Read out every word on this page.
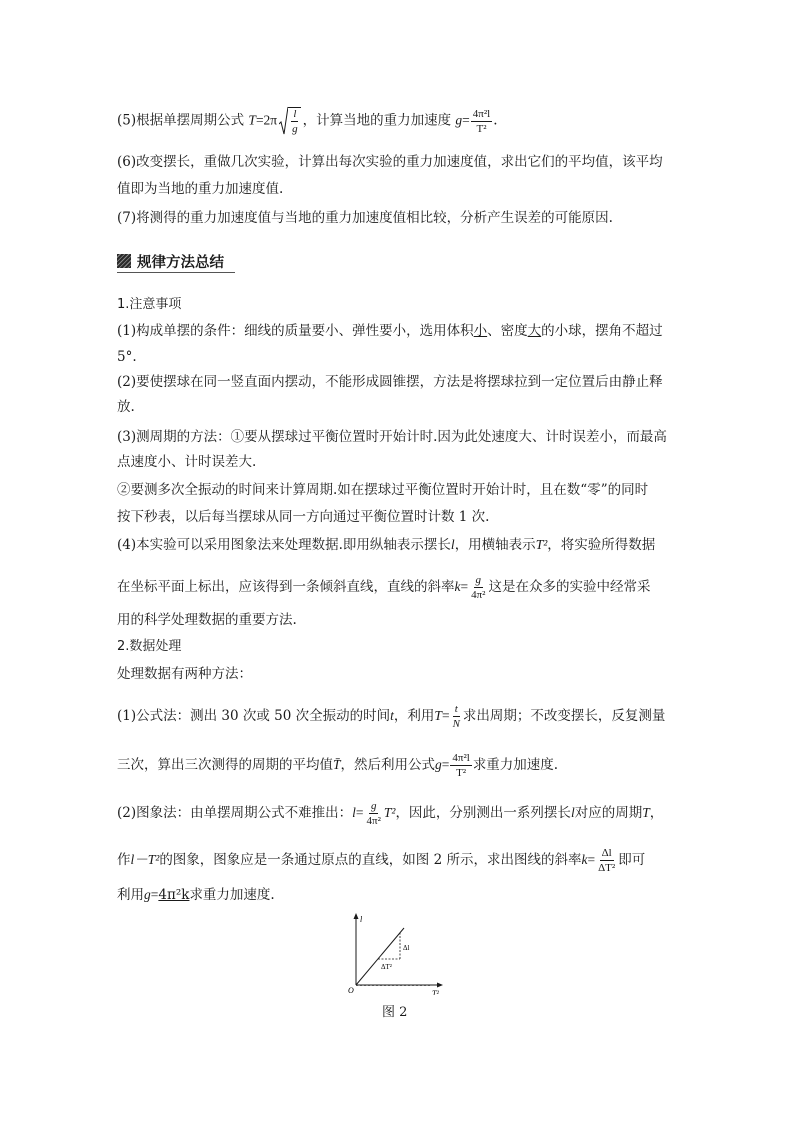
(5)根据单摆周期公式 $T=2\pi \frac{l}{g}$ ，计算当地的重力加速度 $g= \frac{\text{4π²l}}{\text{T²}}$ .
(6)改变摆长，重做几次实验，计算出每次实验的重力加速度值，求出它们的平均值，该平均
值即为当地的重力加速度值.
(7)将测得的重力加速度值与当地的重力加速度值相比较，分析产生误差的可能原因.
规律方法总结
1.注意事项
(1)构成单摆的条件：细线的质量要小、弹性要小，选用体积小、密度大的小球，摆角不超过
5°.
(2)要使摆球在同一竖直面内摆动，不能形成圆锥摆，方法是将摆球拉到一定位置后由静止释
放.
(3)测周期的方法：①要从摆球过平衡位置时开始计时.因为此处速度大、计时误差小，而最高
点速度小、计时误差大.
②要测多次全振动的时间来计算周期.如在摆球过平衡位置时开始计时，且在数“零”的同时
按下秒表，以后每当摆球从同一方向通过平衡位置时计数 1 次.
(4)本实验可以采用图象法来处理数据.即用纵轴表示摆长l，用横轴表示T²，将实验所得数据
在坐标平面上标出，应该得到一条倾斜直线，直线的斜率$k= \frac{g}{\text{4π²}}$ 这是在众多的实验中经常采
用的科学处理数据的重要方法.
2.数据处理
处理数据有两种方法：
(1)公式法：测出 30 次或 50 次全振动的时间t，利用$T= \frac{t}{N}$ 求出周期；不改变摆长，反复测量
三次，算出三次测得的周期的平均值T̄，然后利用公式$g= \frac{\text{4π²l}}{\text{T²}}$ 求重力加速度.
(2)图象法：由单摆周期公式不难推出：$l= \frac{g}{\text{4π²}} T^2$，因此，分别测出一系列摆长l对应的周期T，
作l－T²的图象，图象应是一条通过原点的直线，如图 2 所示，求出图线的斜率$k= \frac{\Delta l}{\text{ΔT²}}$ 即可
利用g=4π²k求重力加速度.
l
T²
O
Δl
ΔT²
图 2
